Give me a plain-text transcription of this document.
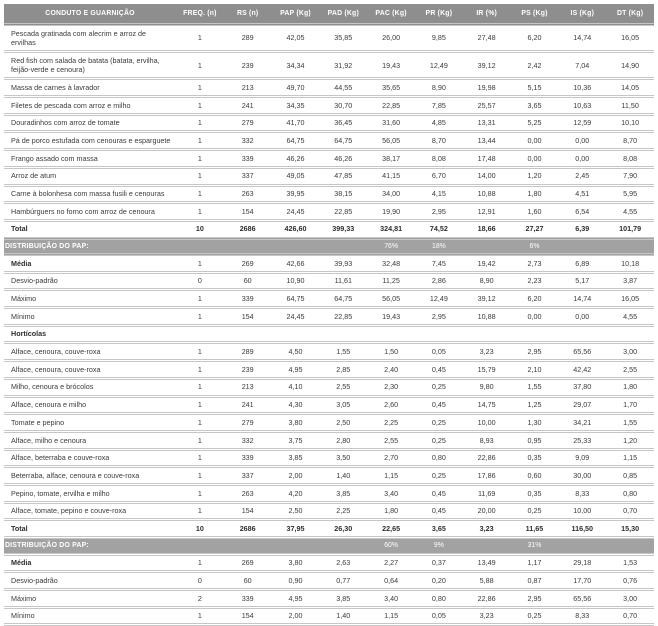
CONDUTO E GUARNIÇÃO	FREQ. (n)	RS (n)	PAP (Kg)	PAD (Kg)	PAC (Kg)	PR (Kg)	IR (%)	PS (Kg)	IS (Kg)	DT (Kg)
Pescada gratinada com alecrim e arroz de ervilhas	1	289	42,05	35,85	26,00	9,85	27,48	6,20	14,74	16,05
Red fish com salada de batata (batata, ervilha, feijão-verde e cenoura)	1	239	34,34	31,92	19,43	12,49	39,12	2,42	7,04	14,90
Massa de carnes à lavrador	1	213	49,70	44,55	35,65	8,90	19,98	5,15	10,36	14,05
Filetes de pescada com arroz e milho	1	241	34,35	30,70	22,85	7,85	25,57	3,65	10,63	11,50
Douradinhos com arroz de tomate	1	279	41,70	36,45	31,60	4,85	13,31	5,25	12,59	10,10
Pá de porco estufada com cenouras e esparguete	1	332	64,75	64,75	56,05	8,70	13,44	0,00	0,00	8,70
Frango assado com massa	1	339	46,26	46,26	38,17	8,08	17,48	0,00	0,00	8,08
Arroz de atum	1	337	49,05	47,85	41,15	6,70	14,00	1,20	2,45	7,90
Carne à bolonhesa com massa fusili e cenouras	1	263	39,95	38,15	34,00	4,15	10,88	1,80	4,51	5,95
Hambúrguers no forno com arroz de cenoura	1	154	24,45	22,85	19,90	2,95	12,91	1,60	6,54	4,55
Total	10	2686	426,60	399,33	324,81	74,52	18,66	27,27	6,39	101,79
DISTRIBUIÇÃO DO PAP:					76%	18%		6%		
Média	1	269	42,66	39,93	32,48	7,45	19,42	2,73	6,89	10,18
Desvio-padrão	0	60	10,90	11,61	11,25	2,86	8,90	2,23	5,17	3,87
Máximo	1	339	64,75	64,75	56,05	12,49	39,12	6,20	14,74	16,05
Mínimo	1	154	24,45	22,85	19,43	2,95	10,88	0,00	0,00	4,55
Hortícolas										
Alface, cenoura, couve-roxa	1	289	4,50	1,55	1,50	0,05	3,23	2,95	65,56	3,00
Alface, cenoura, couve-roxa	1	239	4,95	2,85	2,40	0,45	15,79	2,10	42,42	2,55
Milho, cenoura e brócolos	1	213	4,10	2,55	2,30	0,25	9,80	1,55	37,80	1,80
Alface, cenoura e milho	1	241	4,30	3,05	2,60	0,45	14,75	1,25	29,07	1,70
Tomate e pepino	1	279	3,80	2,50	2,25	0,25	10,00	1,30	34,21	1,55
Alface, milho e cenoura	1	332	3,75	2,80	2,55	0,25	8,93	0,95	25,33	1,20
Alface, beterraba e couve-roxa	1	339	3,85	3,50	2,70	0,80	22,86	0,35	9,09	1,15
Beterraba, alface, cenoura e couve-roxa	1	337	2,00	1,40	1,15	0,25	17,86	0,60	30,00	0,85
Pepino, tomate, ervilha e milho	1	263	4,20	3,85	3,40	0,45	11,69	0,35	8,33	0,80
Alface, tomate, pepino e couve-roxa	1	154	2,50	2,25	1,80	0,45	20,00	0,25	10,00	0,70
Total	10	2686	37,95	26,30	22,65	3,65	3,23	11,65	116,50	15,30
DISTRIBUIÇÃO DO PAP:					60%	9%		31%		
Média	1	269	3,80	2,63	2,27	0,37	13,49	1,17	29,18	1,53
Desvio-padrão	0	60	0,90	0,77	0,64	0,20	5,88	0,87	17,70	0,76
Máximo	2	339	4,95	3,85	3,40	0,80	22,86	2,95	65,56	3,00
Mínimo	1	154	2,00	1,40	1,15	0,05	3,23	0,25	8,33	0,70
